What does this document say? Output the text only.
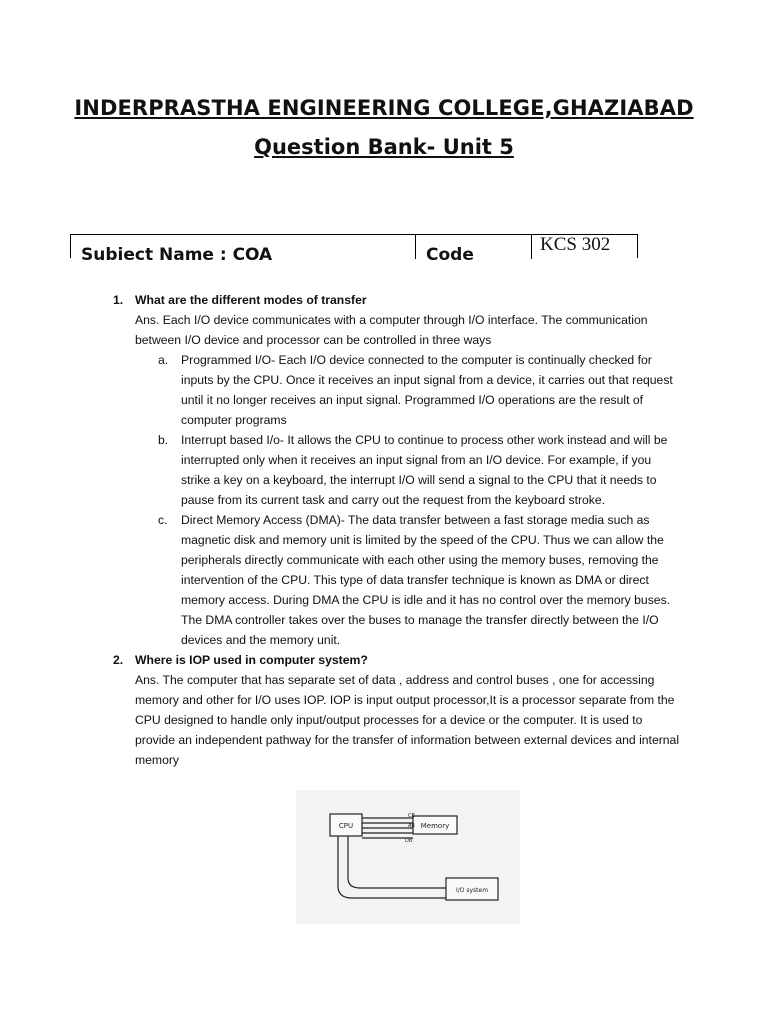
INDERPRASTHA ENGINEERING COLLEGE,GHAZIABAD
Question Bank- Unit 5
Subiect Name : COA	Code	KCS 302
1. What are the different modes of transfer
Ans. Each I/O device communicates with a computer through I/O interface. The communication between I/O device and processor can be controlled in three ways
a. Programmed I/O- Each I/O device connected to the computer is continually checked for inputs by the CPU. Once it receives an input signal from a device, it carries out that request until it no longer receives an input signal. Programmed I/O operations are the result of computer programs
b. Interrupt based I/o- It allows the CPU to continue to process other work instead and will be interrupted only when it receives an input signal from an I/O device. For example, if you strike a key on a keyboard, the interrupt I/O will send a signal to the CPU that it needs to pause from its current task and carry out the request from the keyboard stroke.
c. Direct Memory Access (DMA)- The data transfer between a fast storage media such as magnetic disk and memory unit is limited by the speed of the CPU. Thus we can allow the peripherals directly communicate with each other using the memory buses, removing the intervention of the CPU. This type of data transfer technique is known as DMA or direct memory access. During DMA the CPU is idle and it has no control over the memory buses. The DMA controller takes over the buses to manage the transfer directly between the I/O devices and the memory unit.
2. Where is IOP used in computer system?
Ans. The computer that has separate set of data , address and control buses , one for accessing memory and other for I/O uses IOP. IOP is input output processor,It is a processor separate from the CPU designed to handle only input/output processes for a device or the computer. It is used to provide an independent pathway for the transfer of information between external devices and internal memory
CPU	Memory
I/O system
CB
AB
DB
